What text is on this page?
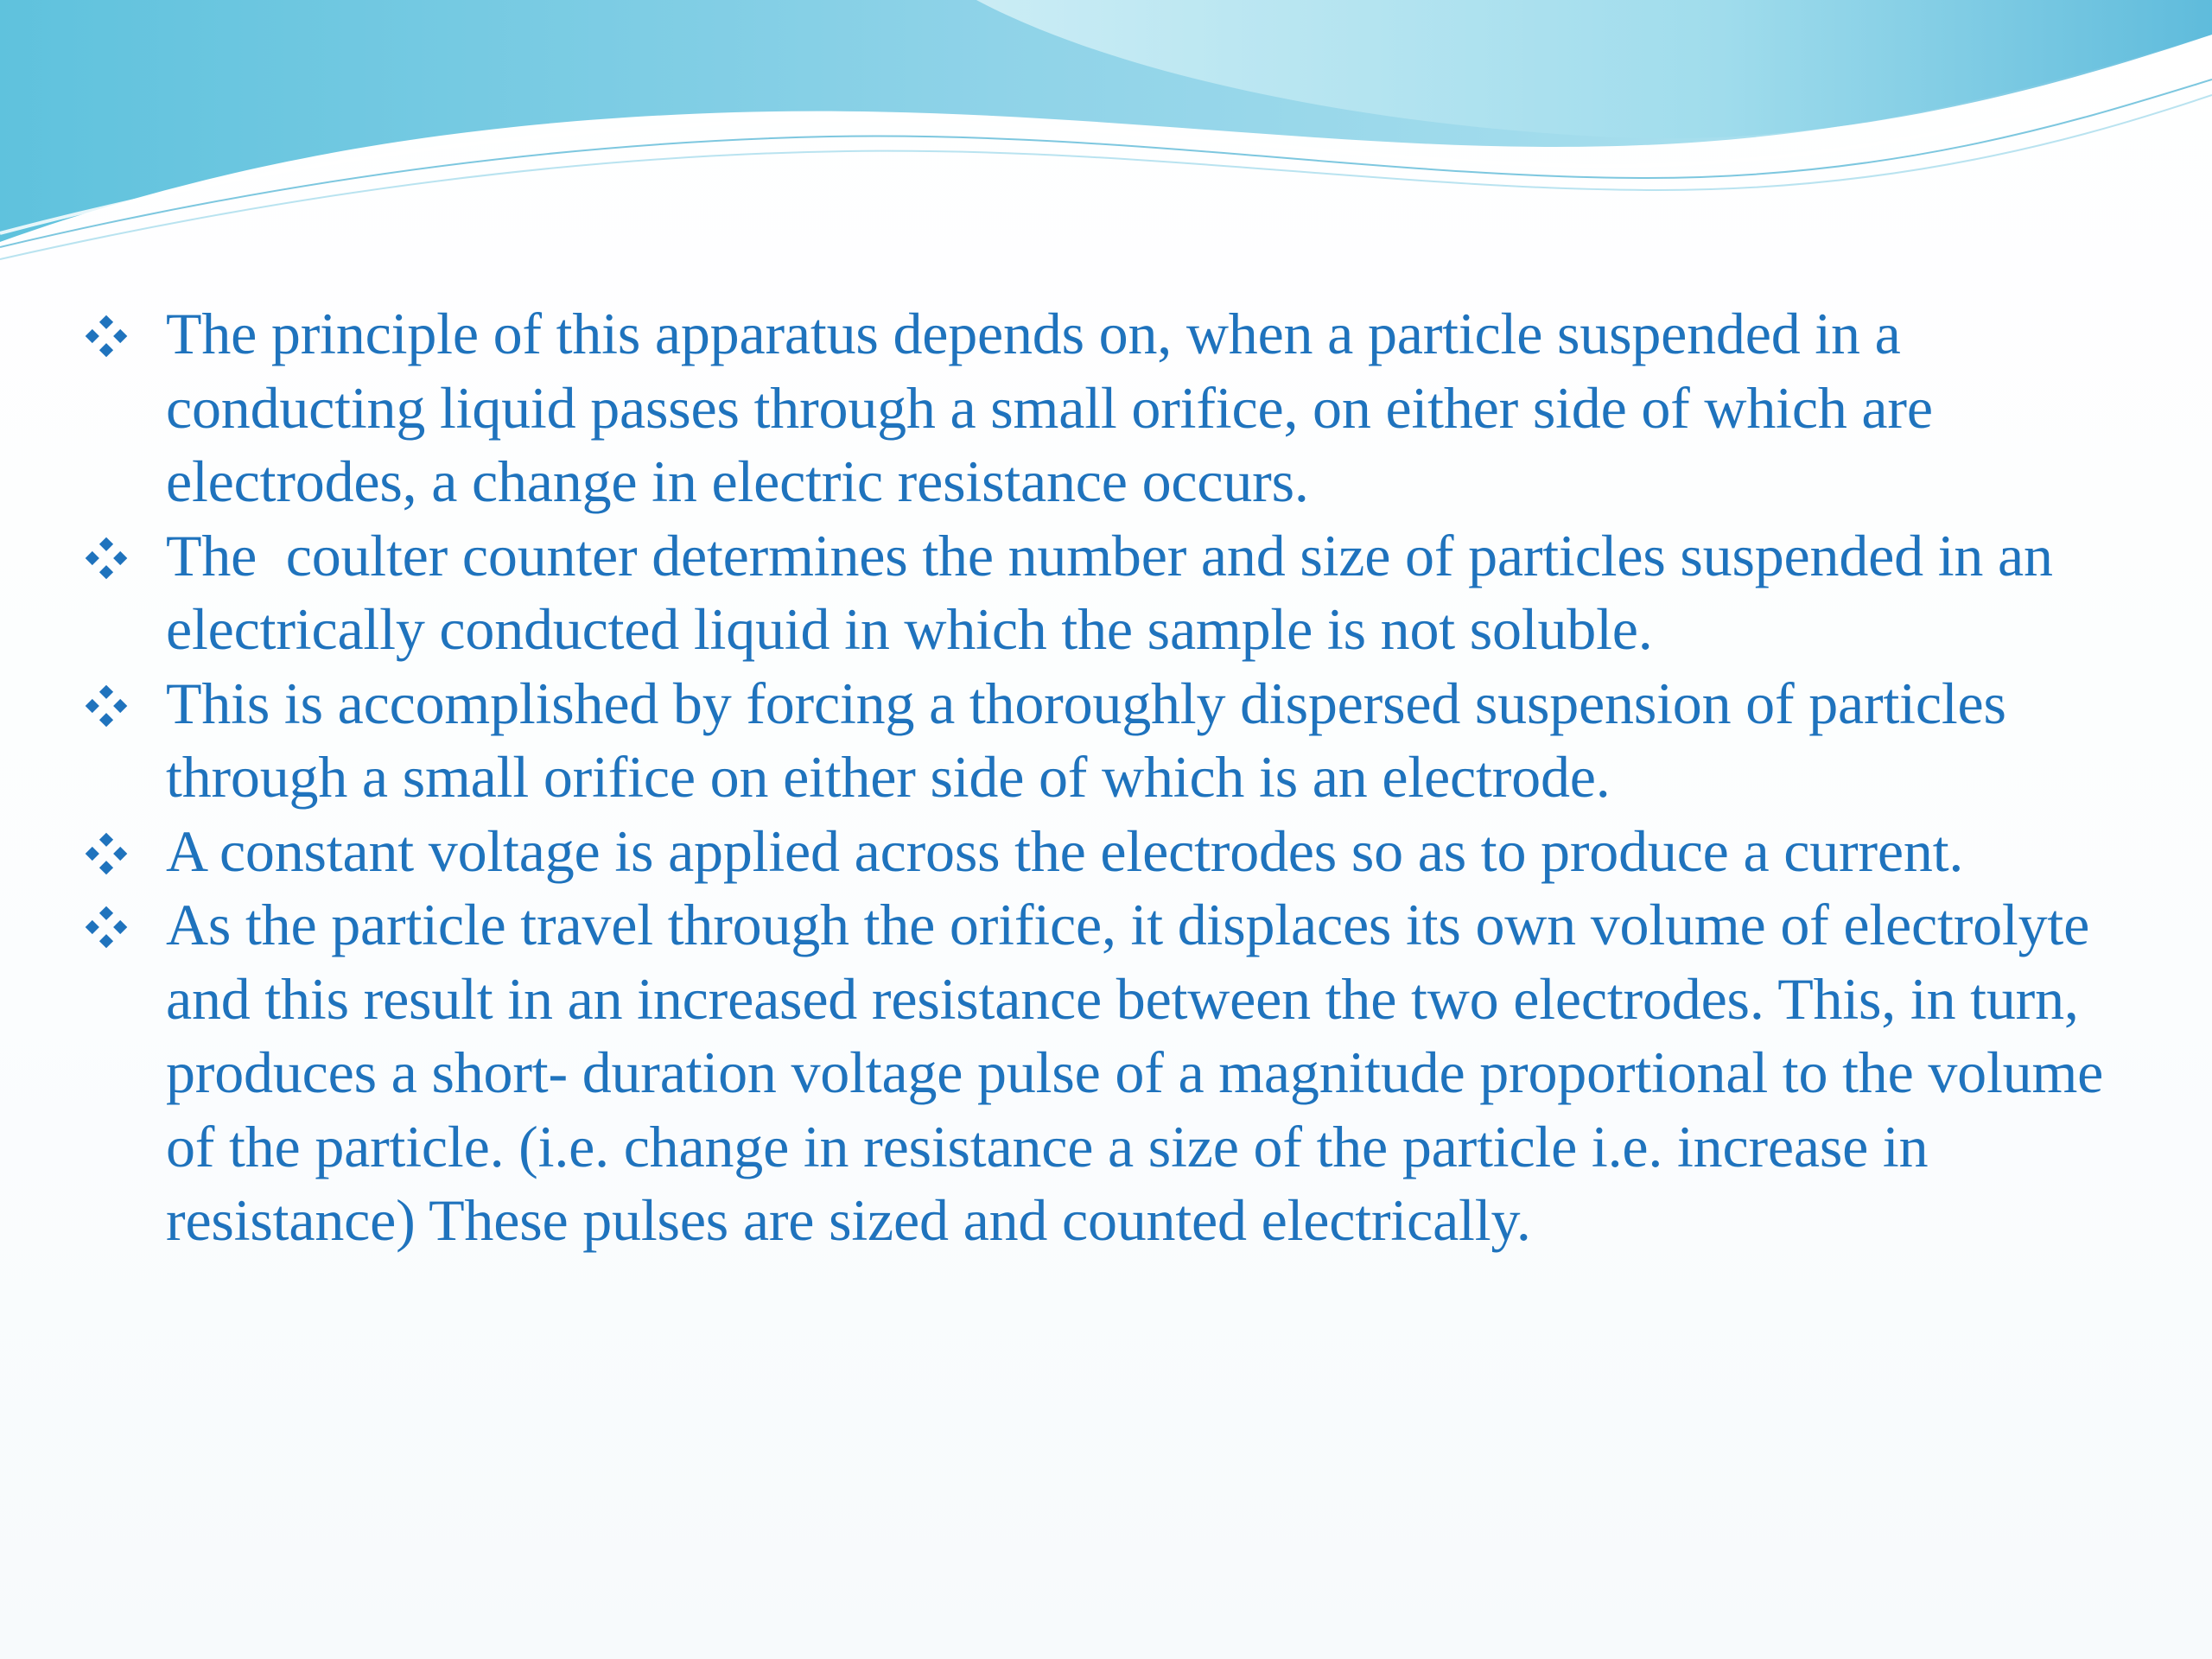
The principle of this apparatus depends on, when a particle suspended in a conducting liquid passes through a small orifice, on either side of which are electrodes, a change in electric resistance occurs.
The  coulter counter determines the number and size of particles suspended in an electrically conducted liquid in which the sample is not soluble.
This is accomplished by forcing a thoroughly dispersed suspension of particles through a small orifice on either side of which is an electrode.
A constant voltage is applied across the electrodes so as to produce a current.
As the particle travel through the orifice, it displaces its own volume of electrolyte and this result in an increased resistance between the two electrodes. This, in turn, produces a short- duration voltage pulse of a magnitude proportional to the volume of the particle. (i.e. change in resistance a size of the particle i.e. increase in resistance) These pulses are sized and counted electrically.
